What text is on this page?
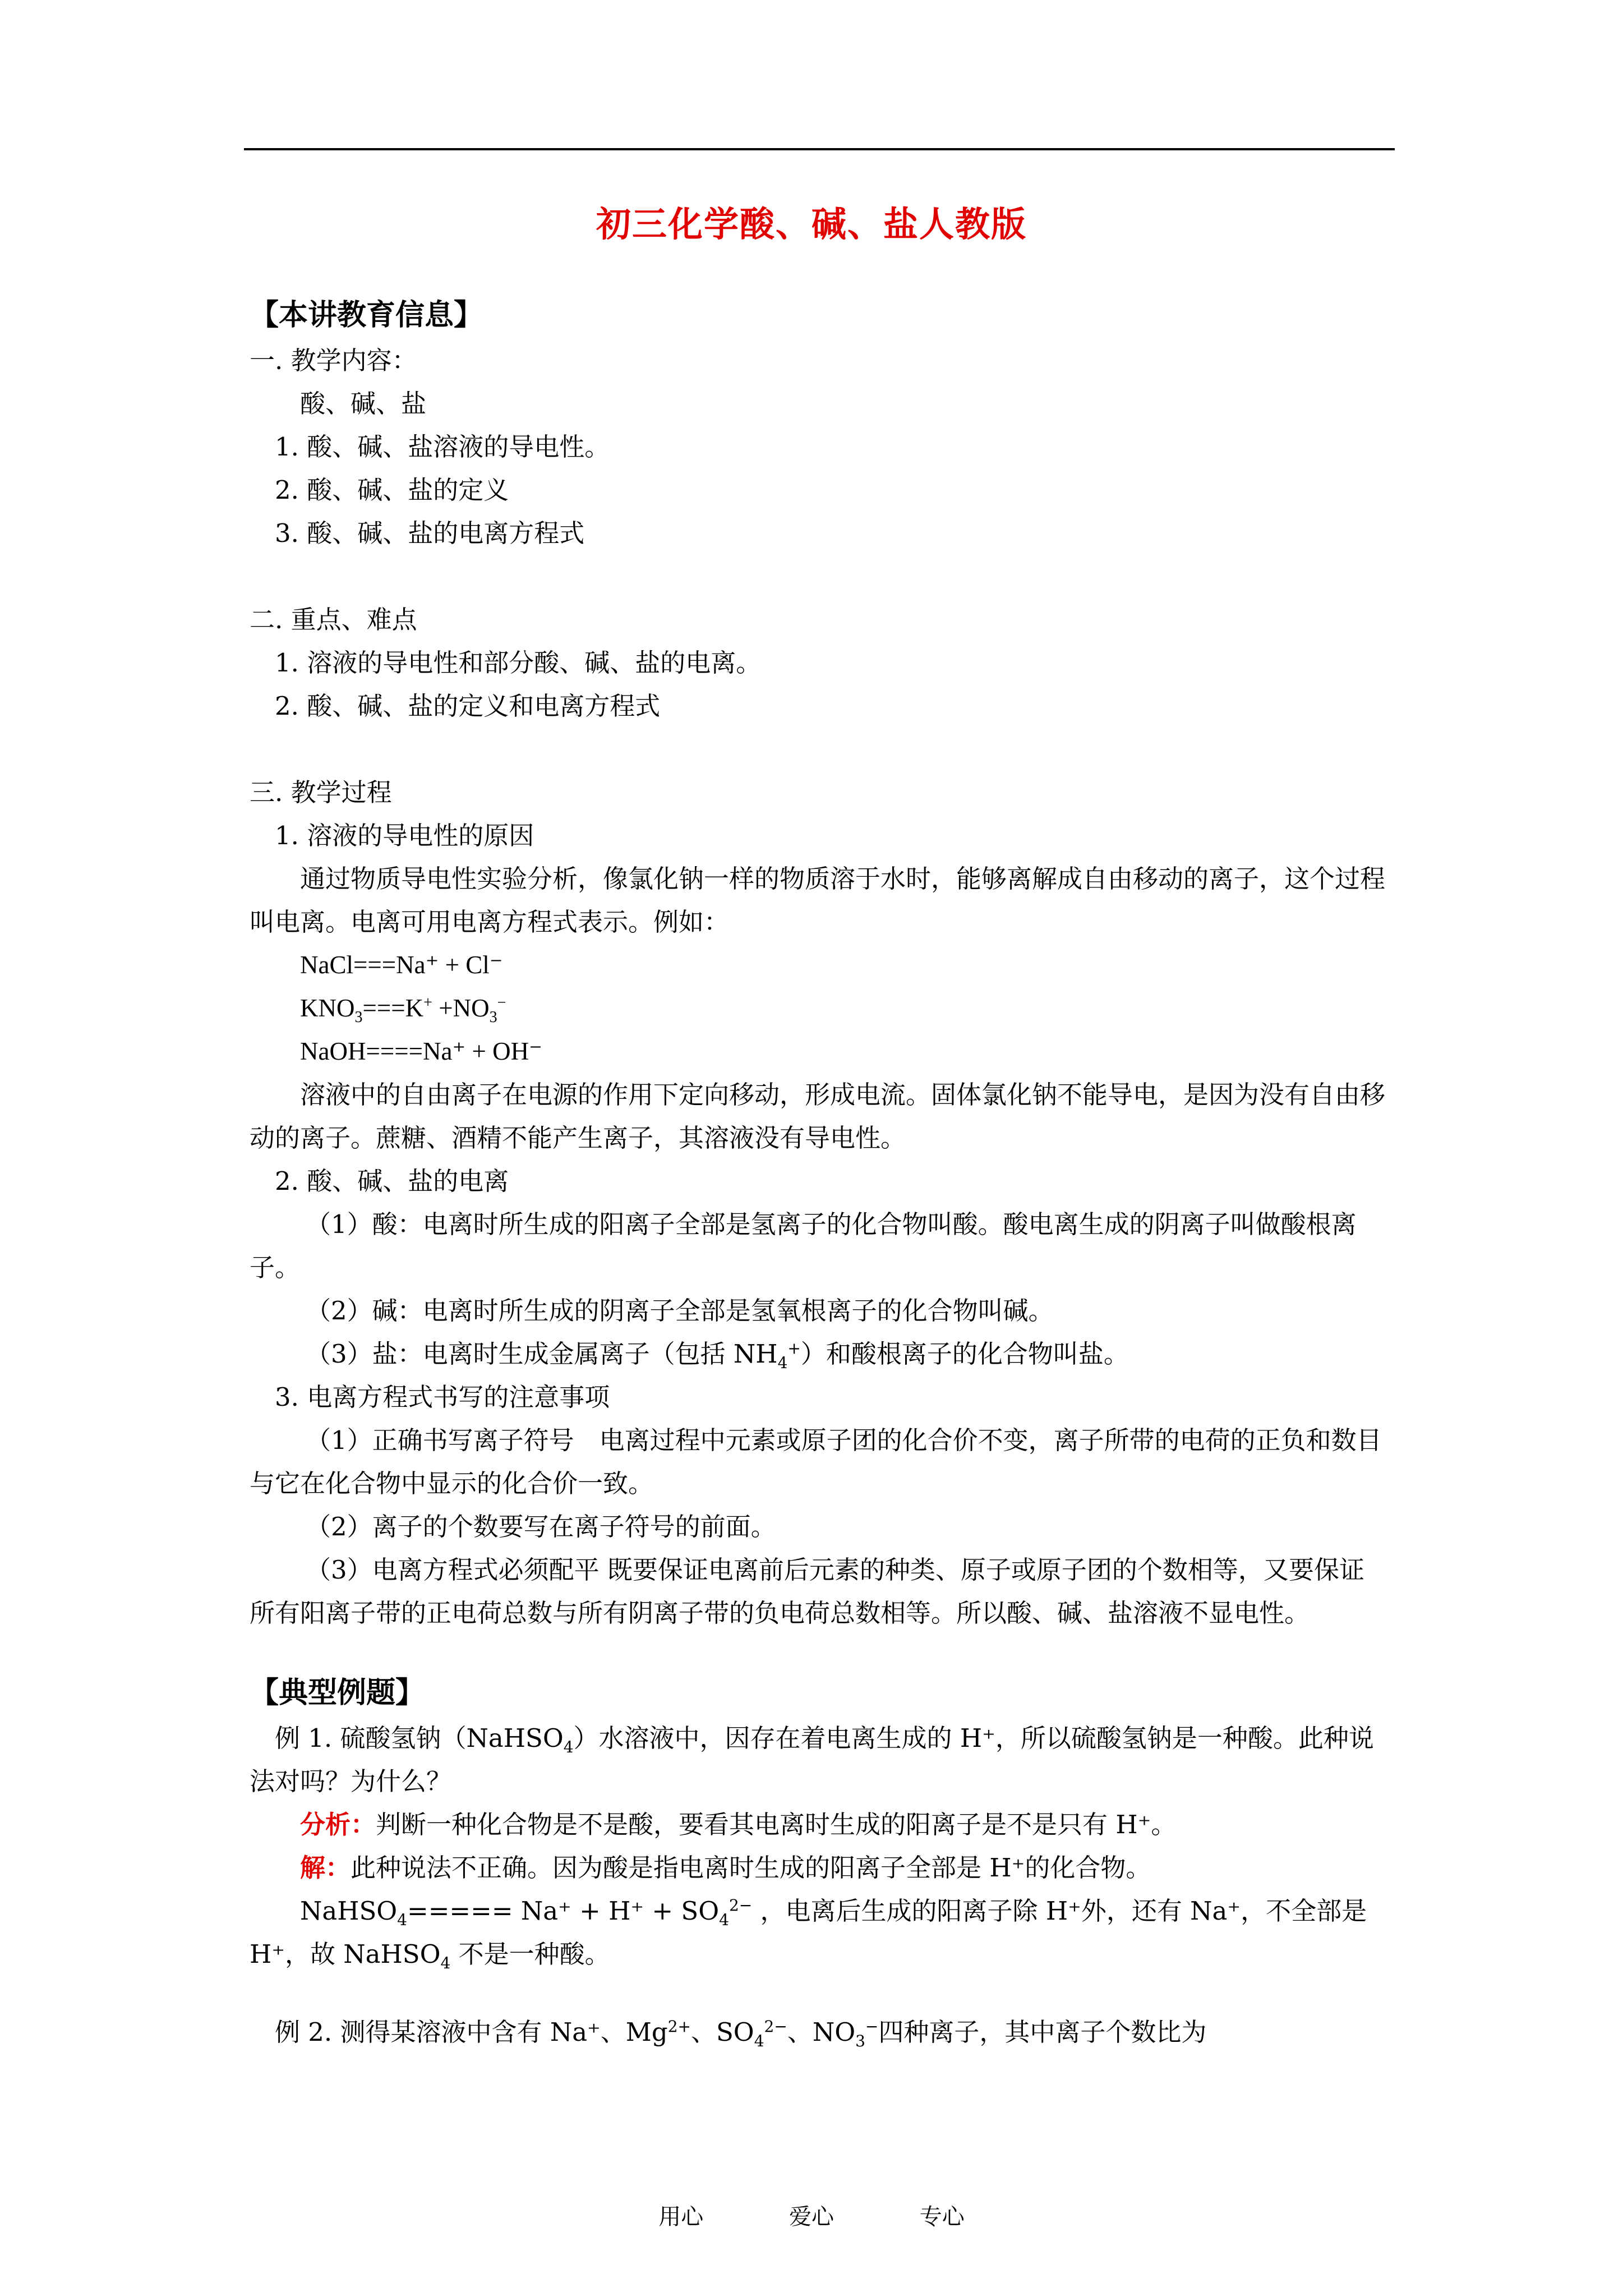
初三化学酸、碱、盐人教版

【本讲教育信息】

一. 教学内容：

酸、碱、盐

1. 酸、碱、盐溶液的导电性。

2. 酸、碱、盐的定义

3. 酸、碱、盐的电离方程式

二. 重点、难点

1. 溶液的导电性和部分酸、碱、盐的电离。

2. 酸、碱、盐的定义和电离方程式

三. 教学过程

1. 溶液的导电性的原因

通过物质导电性实验分析，像氯化钠一样的物质溶于水时，能够离解成自由移动的离子，这个过程叫电离。电离可用电离方程式表示。例如：

NaCl===Na⁺ + Cl⁻

$KNO_3===K^+ +NO_3^-$

NaOH====Na⁺ + OH⁻

溶液中的自由离子在电源的作用下定向移动，形成电流。固体氯化钠不能导电，是因为没有自由移动的离子。蔗糖、酒精不能产生离子，其溶液没有导电性。

2. 酸、碱、盐的电离

（1）酸：电离时所生成的阳离子全部是氢离子的化合物叫酸。酸电离生成的阴离子叫做酸根离子。

（2）碱：电离时所生成的阴离子全部是氢氧根离子的化合物叫碱。

（3）盐：电离时生成金属离子（包括 $NH_4^+$）和酸根离子的化合物叫盐。

3. 电离方程式书写的注意事项

（1）正确书写离子符号　电离过程中元素或原子团的化合价不变，离子所带的电荷的正负和数目与它在化合物中显示的化合价一致。

（2）离子的个数要写在离子符号的前面。

（3）电离方程式必须配平 既要保证电离前后元素的种类、原子或原子团的个数相等，又要保证所有阳离子带的正电荷总数与所有阴离子带的负电荷总数相等。所以酸、碱、盐溶液不显电性。

【典型例题】

例 1. 硫酸氢钠（NaHSO$_4$）水溶液中，因存在着电离生成的 H⁺，所以硫酸氢钠是一种酸。此种说法对吗？为什么？

分析：判断一种化合物是不是酸，要看其电离时生成的阳离子是不是只有 H⁺。

解：此种说法不正确。因为酸是指电离时生成的阳离子全部是 H⁺的化合物。

NaHSO$_4$===== $Na^+ + H^+ + SO_4^{2-}$ ，电离后生成的阳离子除 H⁺外，还有 Na⁺，不全部是 H⁺，故 NaHSO$_4$ 不是一种酸。

例 2. 测得某溶液中含有 Na⁺、$Mg^{2+}$、$SO_4^{2-}$、$NO_3^-$四种离子，其中离子个数比为

用心	爱心	专心
